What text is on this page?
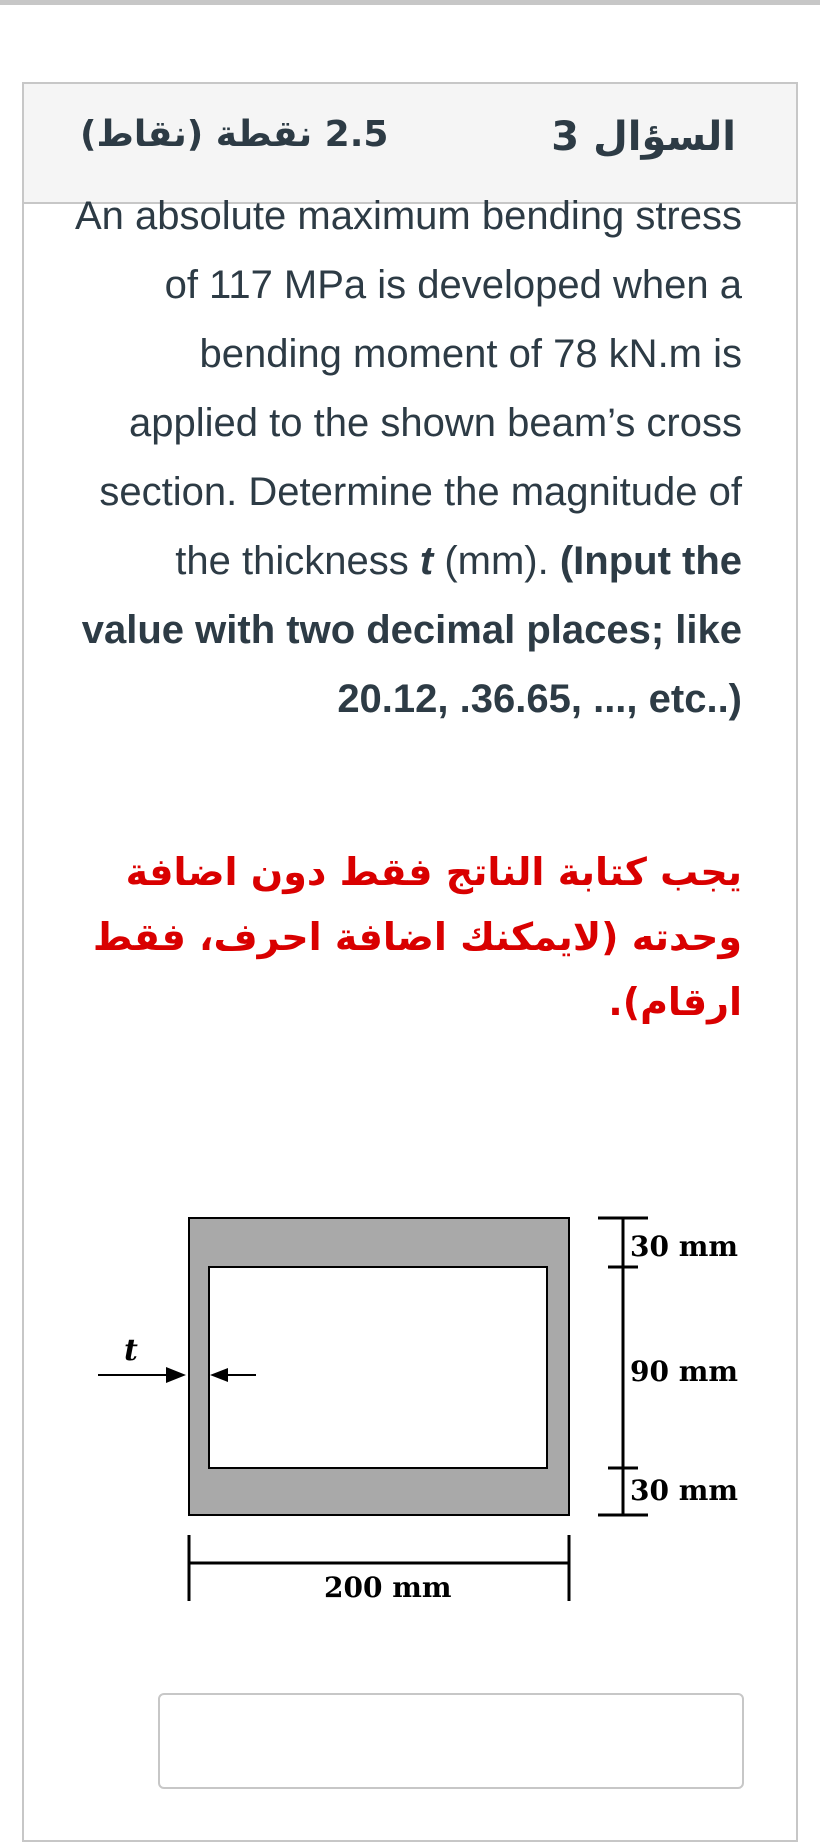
السؤال 3
2.5 نقطة (نقاط)
An absolute maximum bending stress of 117 MPa is developed when a bending moment of 78 kN.m is applied to the shown beam’s cross section. Determine the magnitude of the thickness t (mm). (Input the value with two decimal places; like 20.12, .36.65, ..., etc..)
يجب كتابة الناتج فقط دون اضافة وحدته (لايمكنك اضافة احرف، فقط ارقام).
t
30 mm
90 mm
30 mm
200 mm
